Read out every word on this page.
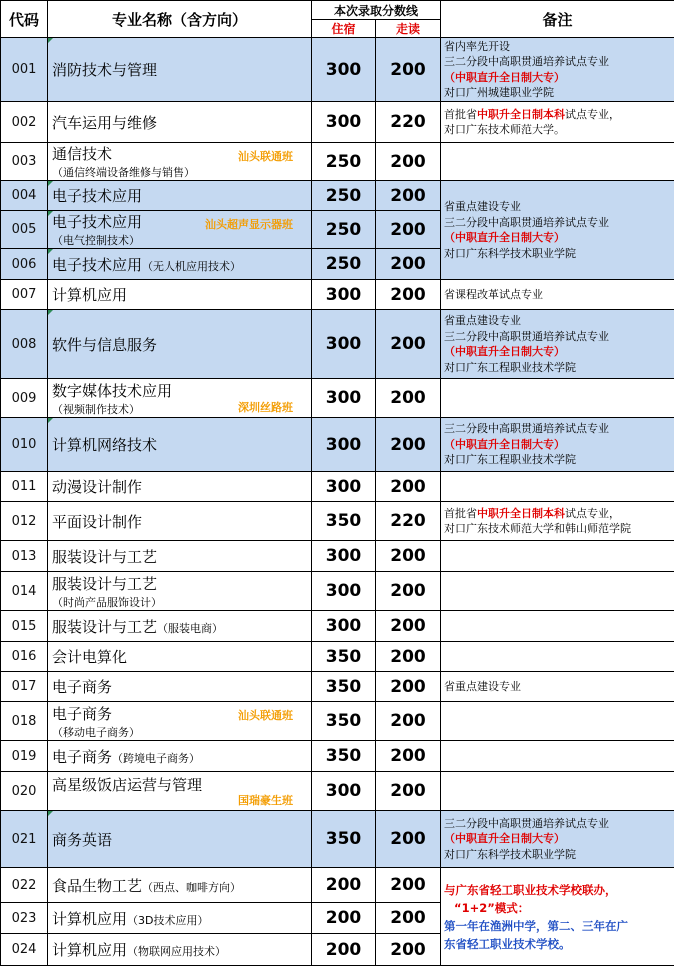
代码	专业名称（含方向）	本次录取分数线		备注
		住宿	走读	
001	消防技术与管理	300	200	省内率先开设
三二分段中高职贯通培养试点专业
（中职直升全日制大专）
对口广州城建职业学院

002	汽车运用与维修	300	220	首批省中职升全日制本科试点专业，
对口广东技术师范大学。

003	通信技术
（通信终端设备维修与销售）
汕头联通班	250	200	
004	电子技术应用	250	200	省重点建设专业
三二分段中高职贯通培养试点专业
（中职直升全日制大专）
对口广东科学技术职业学院

005	电子技术应用
（电气控制技术）
汕头超声显示器班	250	200	
006	电子技术应用（无人机应用技术）	250	200	
007	计算机应用	300	200	省课程改革试点专业
008	软件与信息服务	300	200	省重点建设专业
三二分段中高职贯通培养试点专业
（中职直升全日制大专）
对口广东工程职业技术学院

009	数字媒体技术应用
（视频制作技术） 深圳丝路班	300	200	
010	计算机网络技术	300	200	三二分段中高职贯通培养试点专业
（中职直升全日制大专）
对口广东工程职业技术学院

011	动漫设计制作	300	200	
012	平面设计制作	350	220	首批省中职升全日制本科试点专业，
对口广东技术师范大学和韩山师范学院

013	服装设计与工艺	300	200	
014	服装设计与工艺
（时尚产品服饰设计）	300	200	
015	服装设计与工艺（服装电商）	300	200	
016	会计电算化	350	200	
017	电子商务	350	200	省重点建设专业
018	电子商务
（移动电子商务）
汕头联通班	350	200	
019	电子商务（跨境电子商务）	350	200	
020	高星级饭店运营与管理
国瑞豪生班	300	200	
021	商务英语	350	200	三二分段中高职贯通培养试点专业
（中职直升全日制大专）
对口广东科学技术职业学院

022	食品生物工艺（西点、咖啡方向）	200	200	与广东省轻工职业技术学校联办，
“1+2”模式：
第一年在渔洲中学，第二、三年在广
东省轻工职业技术学校。

023	计算机应用（3D技术应用）	200	200	
024	计算机应用（物联网应用技术）	200	200	
